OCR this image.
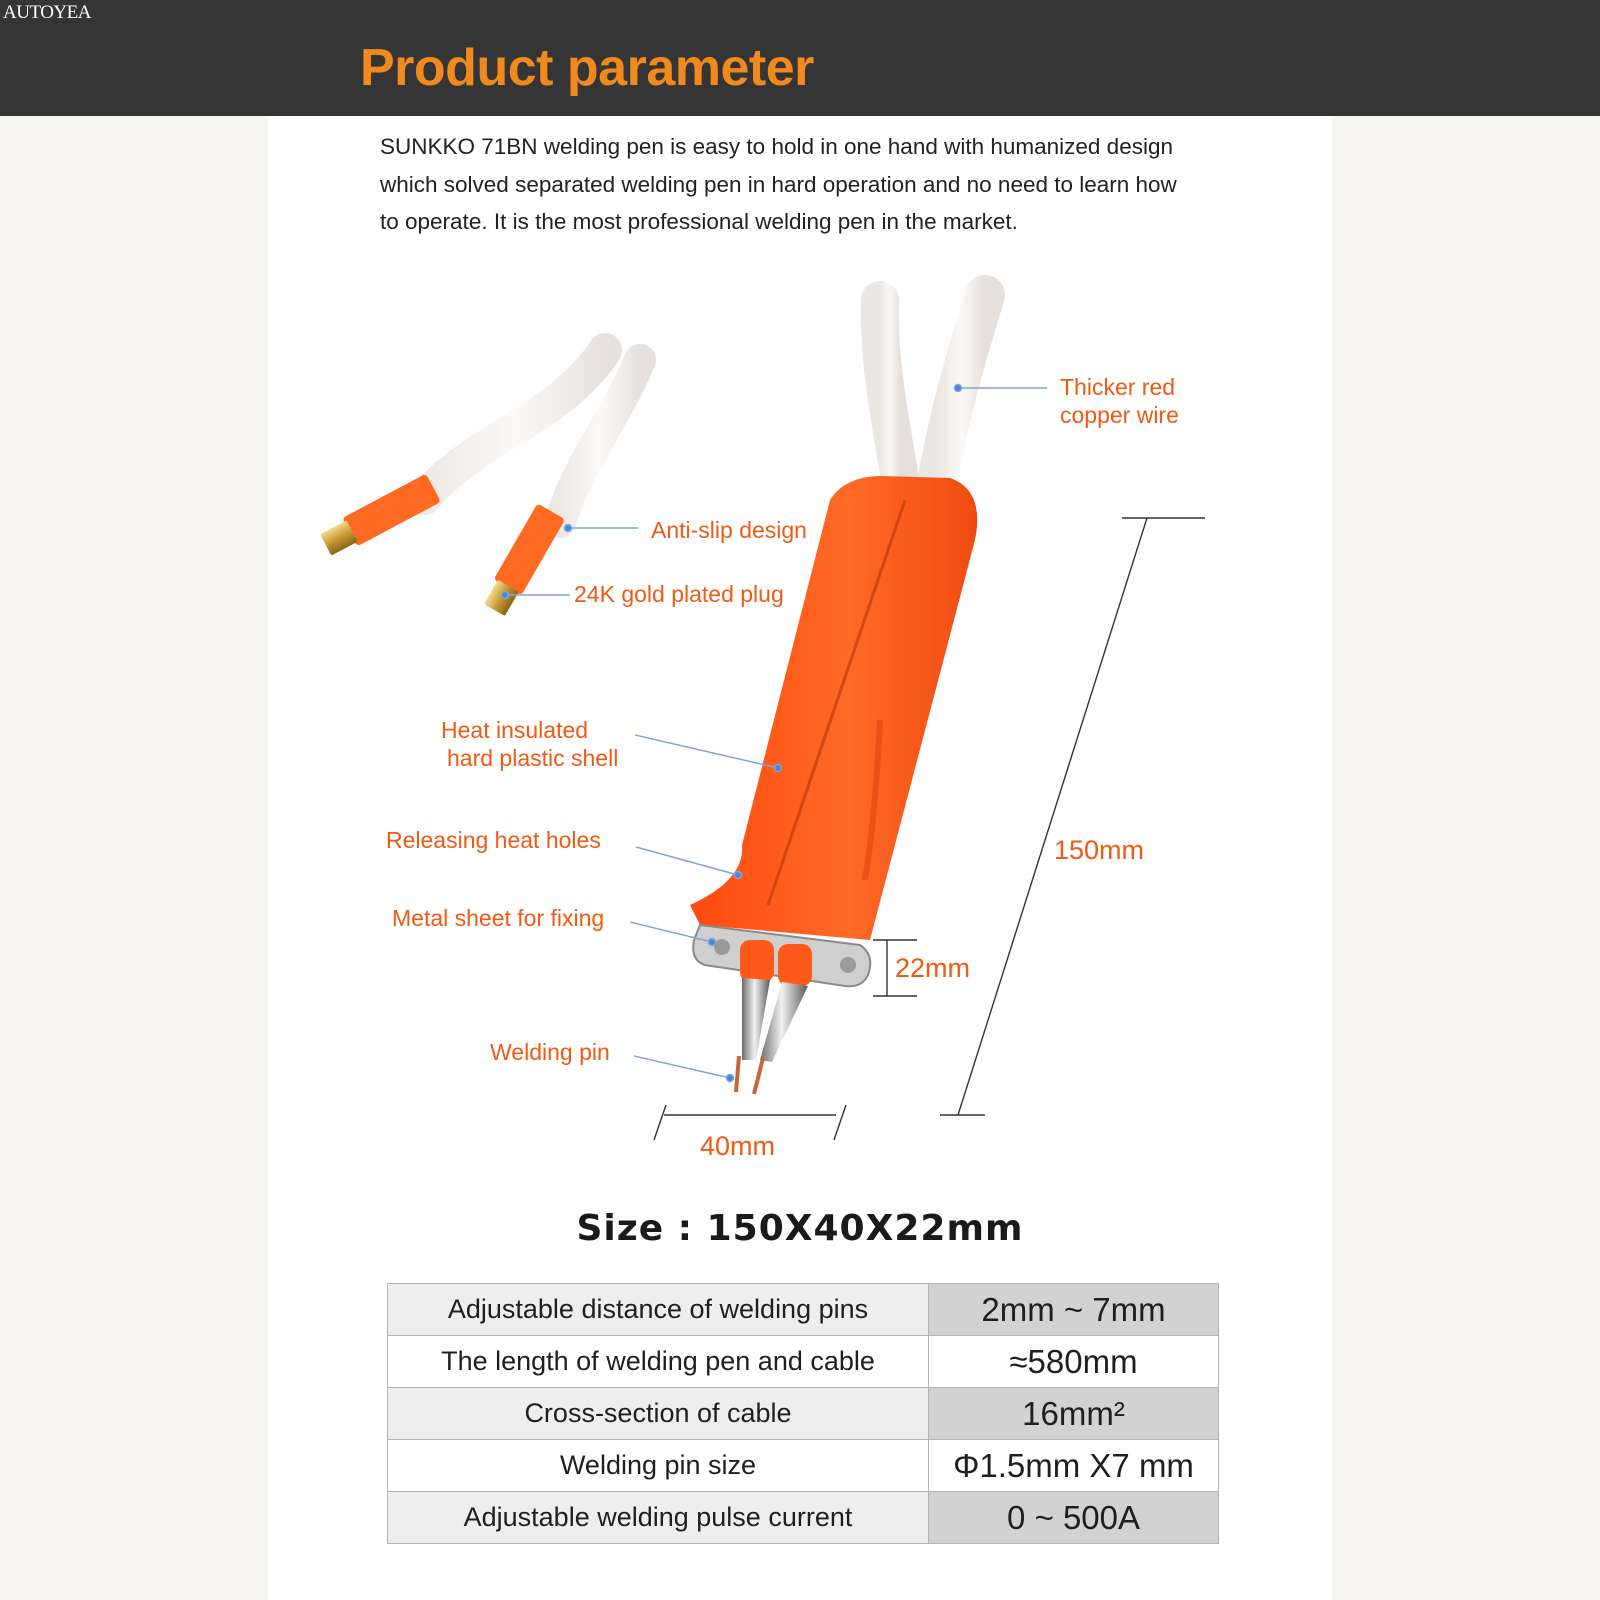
AUTOYEA
Product parameter

SUNKKO 71BN welding pen is easy to hold in one hand with humanized design

which solved separated welding pen in hard operation and no need to learn how

to operate. It is the most professional welding pen in the market.

Thicker red
copper wire
Anti-slip design
24K gold plated plug
Heat insulated
hard plastic shell
Releasing heat holes
Metal sheet for fixing
Welding pin
150mm
40mm
22mm
Size : 150X40X22mm
Adjustable distance of welding pins	2mm ~ 7mm
The length of welding pen and cable	≈580mm
Cross-section of cable	16mm²
Welding pin size	Φ1.5mm X7 mm
Adjustable welding pulse current	0 ~ 500A
